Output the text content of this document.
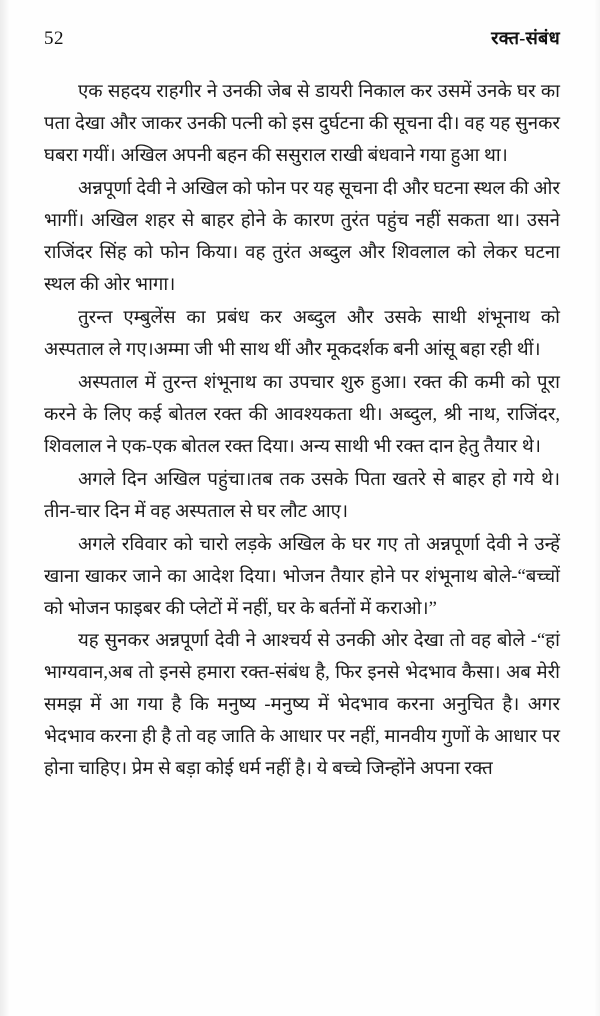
52	रक्त-संबंध

एक सहदय राहगीर ने उनकी जेब से डायरी निकाल कर उसमें उनके घर का पता देखा और जाकर उनकी पत्नी को इस दुर्घटना की सूचना दी। वह यह सुनकर घबरा गयीं। अखिल अपनी बहन की ससुराल राखी बंधवाने गया हुआ था।

अन्नपूर्णा देवी ने अखिल को फोन पर यह सूचना दी और घटना स्थल की ओर भागीं। अखिल शहर से बाहर होने के कारण तुरंत पहुंच नहीं सकता था। उसने राजिंदर सिंह को फोन किया। वह तुरंत अब्दुल और शिवलाल को लेकर घटना स्थल की ओर भागा।

तुरन्त एम्बुलेंस का प्रबंध कर अब्दुल और उसके साथी शंभूनाथ को अस्पताल ले गए।अम्मा जी भी साथ थीं और मूकदर्शक बनी आंसू बहा रही थीं।

अस्पताल में तुरन्त शंभूनाथ का उपचार शुरु हुआ। रक्त की कमी को पूरा करने के लिए कई बोतल रक्त की आवश्यकता थी। अब्दुल, श्री नाथ, राजिंदर, शिवलाल ने एक-एक बोतल रक्त दिया। अन्य साथी भी रक्त दान हेतु तैयार थे।

अगले दिन अखिल पहुंचा।तब तक उसके पिता खतरे से बाहर हो गये थे। तीन-चार दिन में वह अस्पताल से घर लौट आए।

अगले रविवार को चारो लड़के अखिल के घर गए तो अन्नपूर्णा देवी ने उन्हें खाना खाकर जाने का आदेश दिया। भोजन तैयार होने पर शंभूनाथ बोले-“बच्चों को भोजन फाइबर की प्लेटों में नहीं, घर के बर्तनों में कराओ।”

यह सुनकर अन्नपूर्णा देवी ने आश्चर्य से उनकी ओर देखा तो वह बोले -“हां भाग्यवान,अब तो इनसे हमारा रक्त-संबंध है, फिर इनसे भेदभाव कैसा। अब मेरी समझ में आ गया है कि मनुष्य -मनुष्य में भेदभाव करना अनुचित है। अगर भेदभाव करना ही है तो वह जाति के आधार पर नहीं, मानवीय गुणों के आधार पर होना चाहिए। प्रेम से बड़ा कोई धर्म नहीं है। ये बच्चे जिन्होंने अपना रक्त
